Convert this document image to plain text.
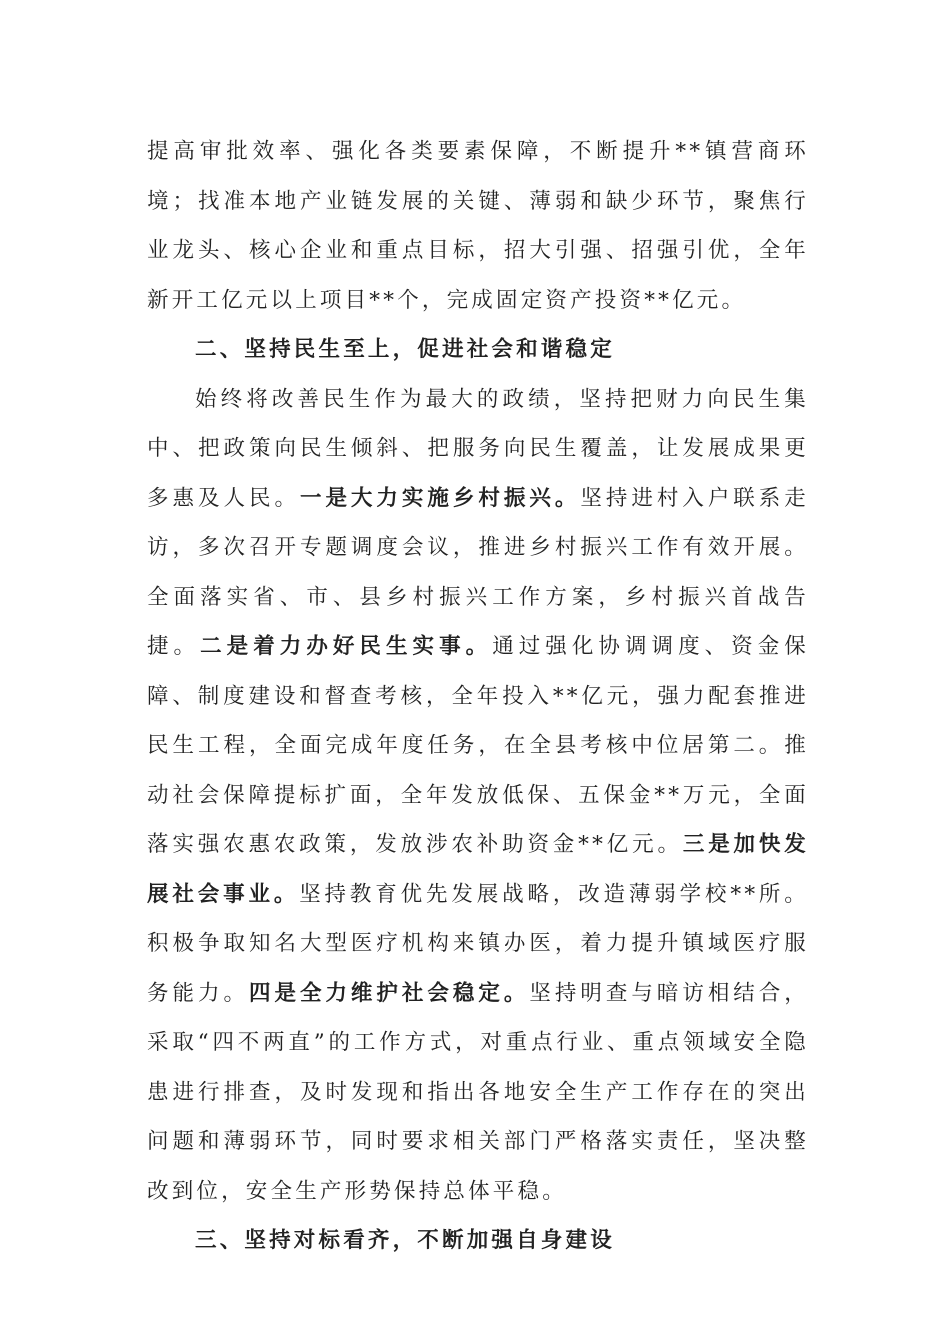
提高审批效率、强化各类要素保障，不断提升**镇营商环境；找准本地产业链发展的关键、薄弱和缺少环节，聚焦行业龙头、核心企业和重点目标，招大引强、招强引优，全年新开工亿元以上项目**个，完成固定资产投资**亿元。

二、坚持民生至上，促进社会和谐稳定

始终将改善民生作为最大的政绩，坚持把财力向民生集中、把政策向民生倾斜、把服务向民生覆盖，让发展成果更多惠及人民。一是大力实施乡村振兴。坚持进村入户联系走访，多次召开专题调度会议，推进乡村振兴工作有效开展。全面落实省、市、县乡村振兴工作方案，乡村振兴首战告捷。二是着力办好民生实事。通过强化协调调度、资金保障、制度建设和督查考核，全年投入**亿元，强力配套推进民生工程，全面完成年度任务，在全县考核中位居第二。推动社会保障提标扩面，全年发放低保、五保金**万元，全面落实强农惠农政策，发放涉农补助资金**亿元。三是加快发展社会事业。坚持教育优先发展战略，改造薄弱学校**所。积极争取知名大型医疗机构来镇办医，着力提升镇域医疗服务能力。四是全力维护社会稳定。坚持明查与暗访相结合，采取“四不两直”的工作方式，对重点行业、重点领域安全隐患进行排查，及时发现和指出各地安全生产工作存在的突出问题和薄弱环节，同时要求相关部门严格落实责任，坚决整改到位，安全生产形势保持总体平稳。

三、坚持对标看齐，不断加强自身建设
